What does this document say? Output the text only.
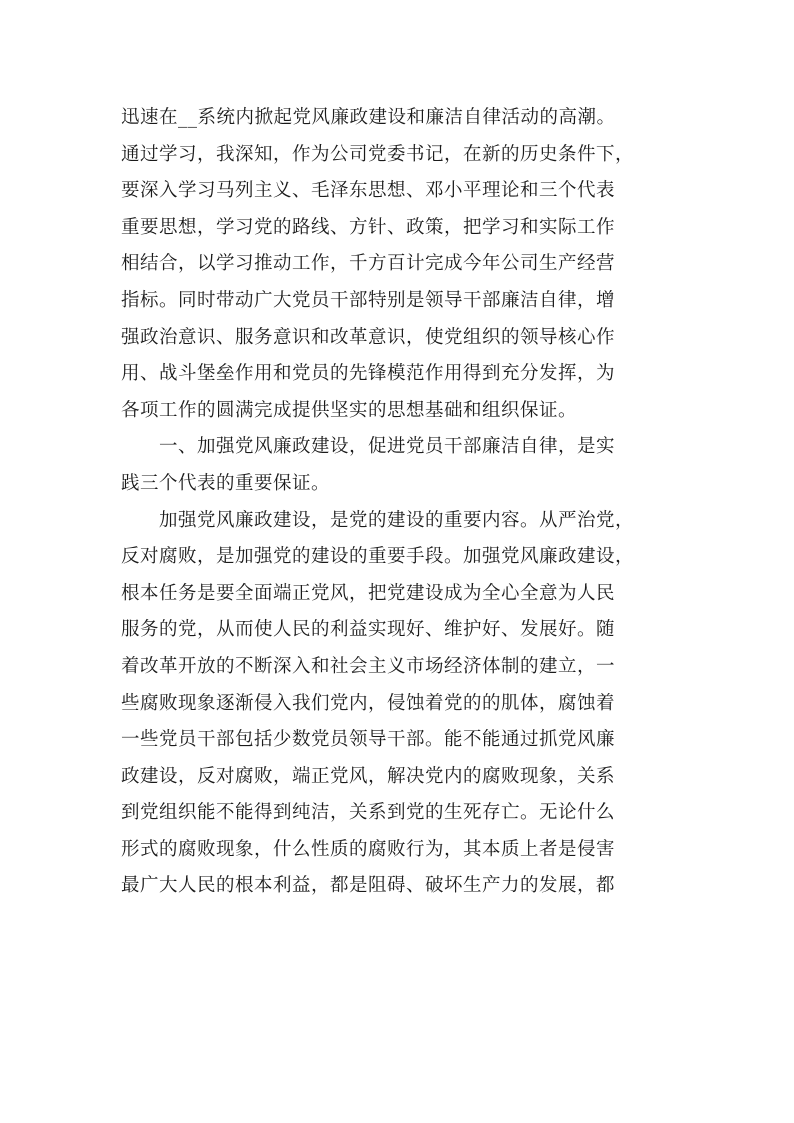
迅速在__系统内掀起党风廉政建设和廉洁自律活动的高潮。
通过学习，我深知，作为公司党委书记，在新的历史条件下，
要深入学习马列主义、毛泽东思想、邓小平理论和三个代表
重要思想，学习党的路线、方针、政策，把学习和实际工作
相结合，以学习推动工作，千方百计完成今年公司生产经营
指标。同时带动广大党员干部特别是领导干部廉洁自律，增
强政治意识、服务意识和改革意识，使党组织的领导核心作
用、战斗堡垒作用和党员的先锋模范作用得到充分发挥，为
各项工作的圆满完成提供坚实的思想基础和组织保证。
一、加强党风廉政建设，促进党员干部廉洁自律，是实
践三个代表的重要保证。
加强党风廉政建设，是党的建设的重要内容。从严治党，
反对腐败，是加强党的建设的重要手段。加强党风廉政建设，
根本任务是要全面端正党风，把党建设成为全心全意为人民
服务的党，从而使人民的利益实现好、维护好、发展好。随
着改革开放的不断深入和社会主义市场经济体制的建立，一
些腐败现象逐渐侵入我们党内，侵蚀着党的的肌体，腐蚀着
一些党员干部包括少数党员领导干部。能不能通过抓党风廉
政建设，反对腐败，端正党风，解决党内的腐败现象，关系
到党组织能不能得到纯洁，关系到党的生死存亡。无论什么
形式的腐败现象，什么性质的腐败行为，其本质上者是侵害
最广大人民的根本利益，都是阻碍、破坏生产力的发展，都
